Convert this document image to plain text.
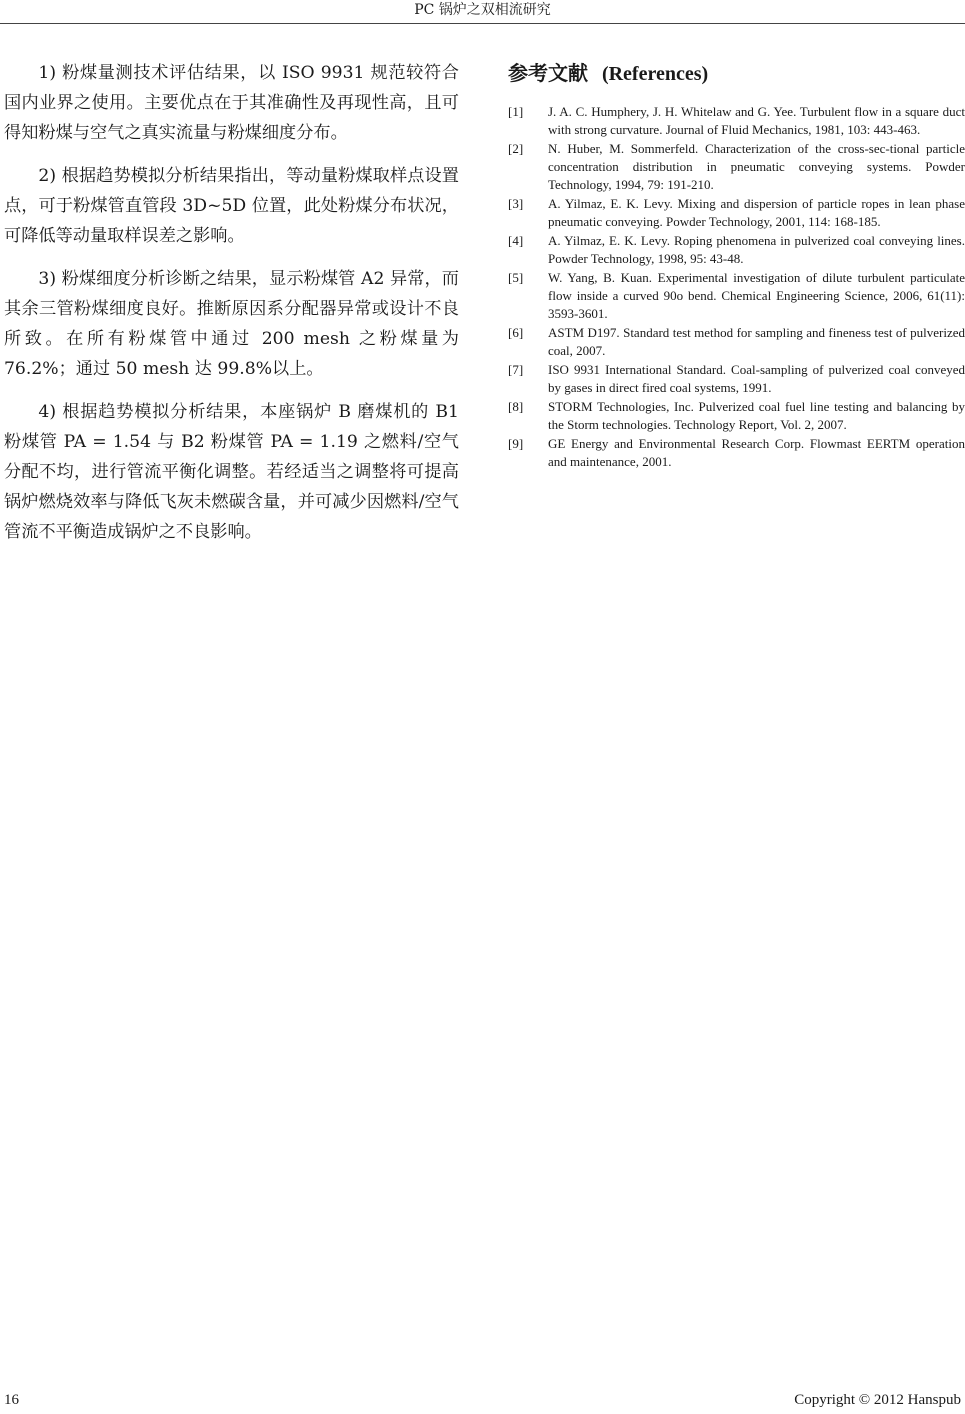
PC 锅炉之双相流研究

1) 粉煤量测技术评估结果，以 ISO 9931 规范较符合国内业界之使用。主要优点在于其准确性及再现性高，且可得知粉煤与空气之真实流量与粉煤细度分布。

2) 根据趋势模拟分析结果指出，等动量粉煤取样点设置点，可于粉煤管直管段 3D~5D 位置，此处粉煤分布状况，可降低等动量取样误差之影响。

3) 粉煤细度分析诊断之结果，显示粉煤管 A2 异常，而其余三管粉煤细度良好。推断原因系分配器异常或设计不良所致。在所有粉煤管中通过 200 mesh 之粉煤量为 76.2%；通过 50 mesh 达 99.8%以上。

4) 根据趋势模拟分析结果，本座锅炉 B 磨煤机的 B1 粉煤管 PA = 1.54 与 B2 粉煤管 PA = 1.19 之燃料/空气分配不均，进行管流平衡化调整。若经适当之调整将可提高锅炉燃烧效率与降低飞灰未燃碳含量，并可减少因燃料/空气管流不平衡造成锅炉之不良影响。

参考文献 (References)
[1]	J. A. C. Humphery, J. H. Whitelaw and G. Yee. Turbulent flow in a square duct with strong curvature. Journal of Fluid Mechanics, 1981, 103: 443-463.
[2]	N. Huber, M. Sommerfeld. Characterization of the cross-sec-tional particle concentration distribution in pneumatic conveying systems. Powder Technology, 1994, 79: 191-210.
[3]	A. Yilmaz, E. K. Levy. Mixing and dispersion of particle ropes in lean phase pneumatic conveying. Powder Technology, 2001, 114: 168-185.
[4]	A. Yilmaz, E. K. Levy. Roping phenomena in pulverized coal conveying lines. Powder Technology, 1998, 95: 43-48.
[5]	W. Yang, B. Kuan. Experimental investigation of dilute turbulent particulate flow inside a curved 90o bend. Chemical Engineering Science, 2006, 61(11): 3593-3601.
[6]	ASTM D197. Standard test method for sampling and fineness test of pulverized coal, 2007.
[7]	ISO 9931 International Standard. Coal-sampling of pulverized coal conveyed by gases in direct fired coal systems, 1991.
[8]	STORM Technologies, Inc. Pulverized coal fuel line testing and balancing by the Storm technologies. Technology Report, Vol. 2, 2007.
[9]	GE Energy and Environmental Research Corp. Flowmast EERTM operation and maintenance, 2001.
16	Copyright © 2012 Hanspub
